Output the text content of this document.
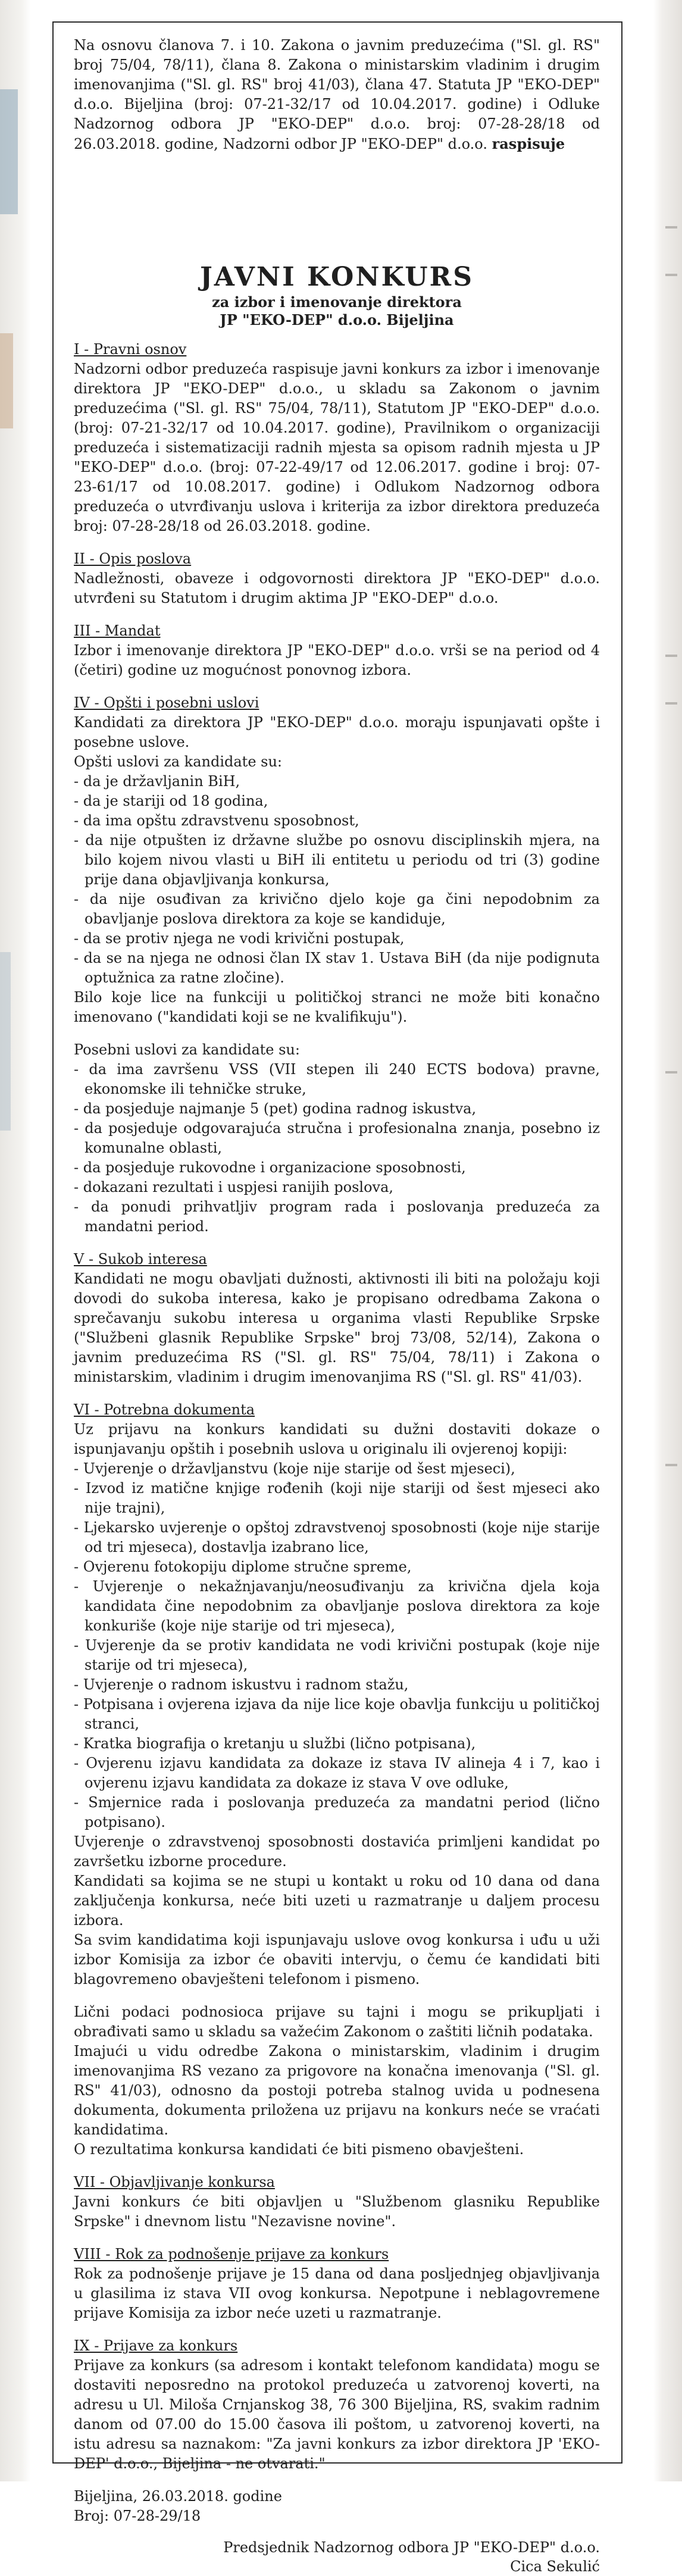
Na osnovu članova 7. i 10. Zakona o javnim preduzećima ("Sl. gl. RS" broj 75/04, 78/11), člana 8. Zakona o ministarskim vladinim i drugim imenovanjima ("Sl. gl. RS" broj 41/03), člana 47. Statuta JP "EKO-DEP" d.o.o. Bijeljina (broj: 07-21-32/17 od 10.04.2017. godine) i Odluke Nadzornog odbora JP "EKO-DEP" d.o.o. broj: 07-28-28/18 od 26.03.2018. godine, Nadzorni odbor JP "EKO-DEP" d.o.o. raspisuje

JAVNI KONKURS
za izbor i imenovanje direktora
JP "EKO-DEP" d.o.o. Bijeljina

I - Pravni osnov

Nadzorni odbor preduzeća raspisuje javni konkurs za izbor i imenovanje direktora JP "EKO-DEP" d.o.o., u skladu sa Zakonom o javnim preduzećima ("Sl. gl. RS" 75/04, 78/11), Statutom JP "EKO-DEP" d.o.o. (broj: 07-21-32/17 od 10.04.2017. godine), Pravilnikom o organizaciji preduzeća i sistematizaciji radnih mjesta sa opisom radnih mjesta u JP "EKO-DEP" d.o.o. (broj: 07-22-49/17 od 12.06.2017. godine i broj: 07-23-61/17 od 10.08.2017. godine) i Odlukom Nadzornog odbora preduzeća o utvrđivanju uslova i kriterija za izbor direktora preduzeća broj: 07-28-28/18 od 26.03.2018. godine.

II - Opis poslova

Nadležnosti, obaveze i odgovornosti direktora JP "EKO-DEP" d.o.o. utvrđeni su Statutom i drugim aktima JP "EKO-DEP" d.o.o.

III - Mandat

Izbor i imenovanje direktora JP "EKO-DEP" d.o.o. vrši se na period od 4 (četiri) godine uz mogućnost ponovnog izbora.

IV - Opšti i posebni uslovi

Kandidati za direktora JP "EKO-DEP" d.o.o. moraju ispunjavati opšte i posebne uslove.

Opšti uslovi za kandidate su:

- da je državljanin BiH,
- da je stariji od 18 godina,
- da ima opštu zdravstvenu sposobnost,
- da nije otpušten iz državne službe po osnovu disciplinskih mjera, na bilo kojem nivou vlasti u BiH ili entitetu u periodu od tri (3) godine prije dana objavljivanja konkursa,
- da nije osuđivan za krivično djelo koje ga čini nepodobnim za obavljanje poslova direktora za koje se kandiduje,
- da se protiv njega ne vodi krivični postupak,
- da se na njega ne odnosi član IX stav 1. Ustava BiH (da nije podignuta optužnica za ratne zločine).

Bilo koje lice na funkciji u političkoj stranci ne može biti konačno imenovano ("kandidati koji se ne kvalifikuju").

Posebni uslovi za kandidate su:

- da ima završenu VSS (VII stepen ili 240 ECTS bodova) pravne, ekonomske ili tehničke struke,
- da posjeduje najmanje 5 (pet) godina radnog iskustva,
- da posjeduje odgovarajuća stručna i profesionalna znanja, posebno iz komunalne oblasti,
- da posjeduje rukovodne i organizacione sposobnosti,
- dokazani rezultati i uspjesi ranijih poslova,
- da ponudi prihvatljiv program rada i poslovanja preduzeća za mandatni period.

V - Sukob interesa

Kandidati ne mogu obavljati dužnosti, aktivnosti ili biti na položaju koji dovodi do sukoba interesa, kako je propisano odredbama Zakona o sprečavanju sukobu interesa u organima vlasti Republike Srpske ("Službeni glasnik Republike Srpske" broj 73/08, 52/14), Zakona o javnim preduzećima RS ("Sl. gl. RS" 75/04, 78/11) i Zakona o ministarskim, vladinim i drugim imenovanjima RS ("Sl. gl. RS" 41/03).

VI - Potrebna dokumenta

Uz prijavu na konkurs kandidati su dužni dostaviti dokaze o ispunjavanju opštih i posebnih uslova u originalu ili ovjerenoj kopiji:

- Uvjerenje o državljanstvu (koje nije starije od šest mjeseci),
- Izvod iz matične knjige rođenih (koji nije stariji od šest mjeseci ako nije trajni),
- Ljekarsko uvjerenje o opštoj zdravstvenoj sposobnosti (koje nije starije od tri mjeseca), dostavlja izabrano lice,
- Ovjerenu fotokopiju diplome stručne spreme,
- Uvjerenje o nekažnjavanju/neosuđivanju za krivična djela koja kandidata čine nepodobnim za obavljanje poslova direktora za koje konkuriše (koje nije starije od tri mjeseca),
- Uvjerenje da se protiv kandidata ne vodi krivični postupak (koje nije starije od tri mjeseca),
- Uvjerenje o radnom iskustvu i radnom stažu,
- Potpisana i ovjerena izjava da nije lice koje obavlja funkciju u političkoj stranci,
- Kratka biografija o kretanju u službi (lično potpisana),
- Ovjerenu izjavu kandidata za dokaze iz stava IV alineja 4 i 7, kao i ovjerenu izjavu kandidata za dokaze iz stava V ove odluke,
- Smjernice rada i poslovanja preduzeća za mandatni period (lično potpisano).

Uvjerenje o zdravstvenoj sposobnosti dostavića primljeni kandidat po završetku izborne procedure.

Kandidati sa kojima se ne stupi u kontakt u roku od 10 dana od dana zaključenja konkursa, neće biti uzeti u razmatranje u daljem procesu izbora.

Sa svim kandidatima koji ispunjavaju uslove ovog konkursa i uđu u uži izbor Komisija za izbor će obaviti intervju, o čemu će kandidati biti blagovremeno obavješteni telefonom i pismeno.

Lični podaci podnosioca prijave su tajni i mogu se prikupljati i obrađivati samo u skladu sa važećim Zakonom o zaštiti ličnih podataka.

Imajući u vidu odredbe Zakona o ministarskim, vladinim i drugim imenovanjima RS vezano za prigovore na konačna imenovanja ("Sl. gl. RS" 41/03), odnosno da postoji potreba stalnog uvida u podnesena dokumenta, dokumenta priložena uz prijavu na konkurs neće se vraćati kandidatima.

O rezultatima konkursa kandidati će biti pismeno obavješteni.

VII - Objavljivanje konkursa

Javni konkurs će biti objavljen u "Službenom glasniku Republike Srpske" i dnevnom listu "Nezavisne novine".

VIII - Rok za podnošenje prijave za konkurs

Rok za podnošenje prijave je 15 dana od dana posljednjeg objavljivanja u glasilima iz stava VII ovog konkursa. Nepotpune i neblagovremene prijave Komisija za izbor neće uzeti u razmatranje.

IX - Prijave za konkurs

Prijave za konkurs (sa adresom i kontakt telefonom kandidata) mogu se dostaviti neposredno na protokol preduzeća u zatvorenoj koverti, na adresu u Ul. Miloša Crnjanskog 38, 76 300 Bijeljina, RS, svakim radnim danom od 07.00 do 15.00 časova ili poštom, u zatvorenoj koverti, na istu adresu sa naznakom: "Za javni konkurs za izbor direktora JP 'EKO-DEP' d.o.o., Bijeljina - ne otvarati."

Bijeljina, 26.03.2018. godine
Broj: 07-28-29/18
Predsjednik Nadzornog odbora JP "EKO-DEP" d.o.o.
Cica Sekulić
